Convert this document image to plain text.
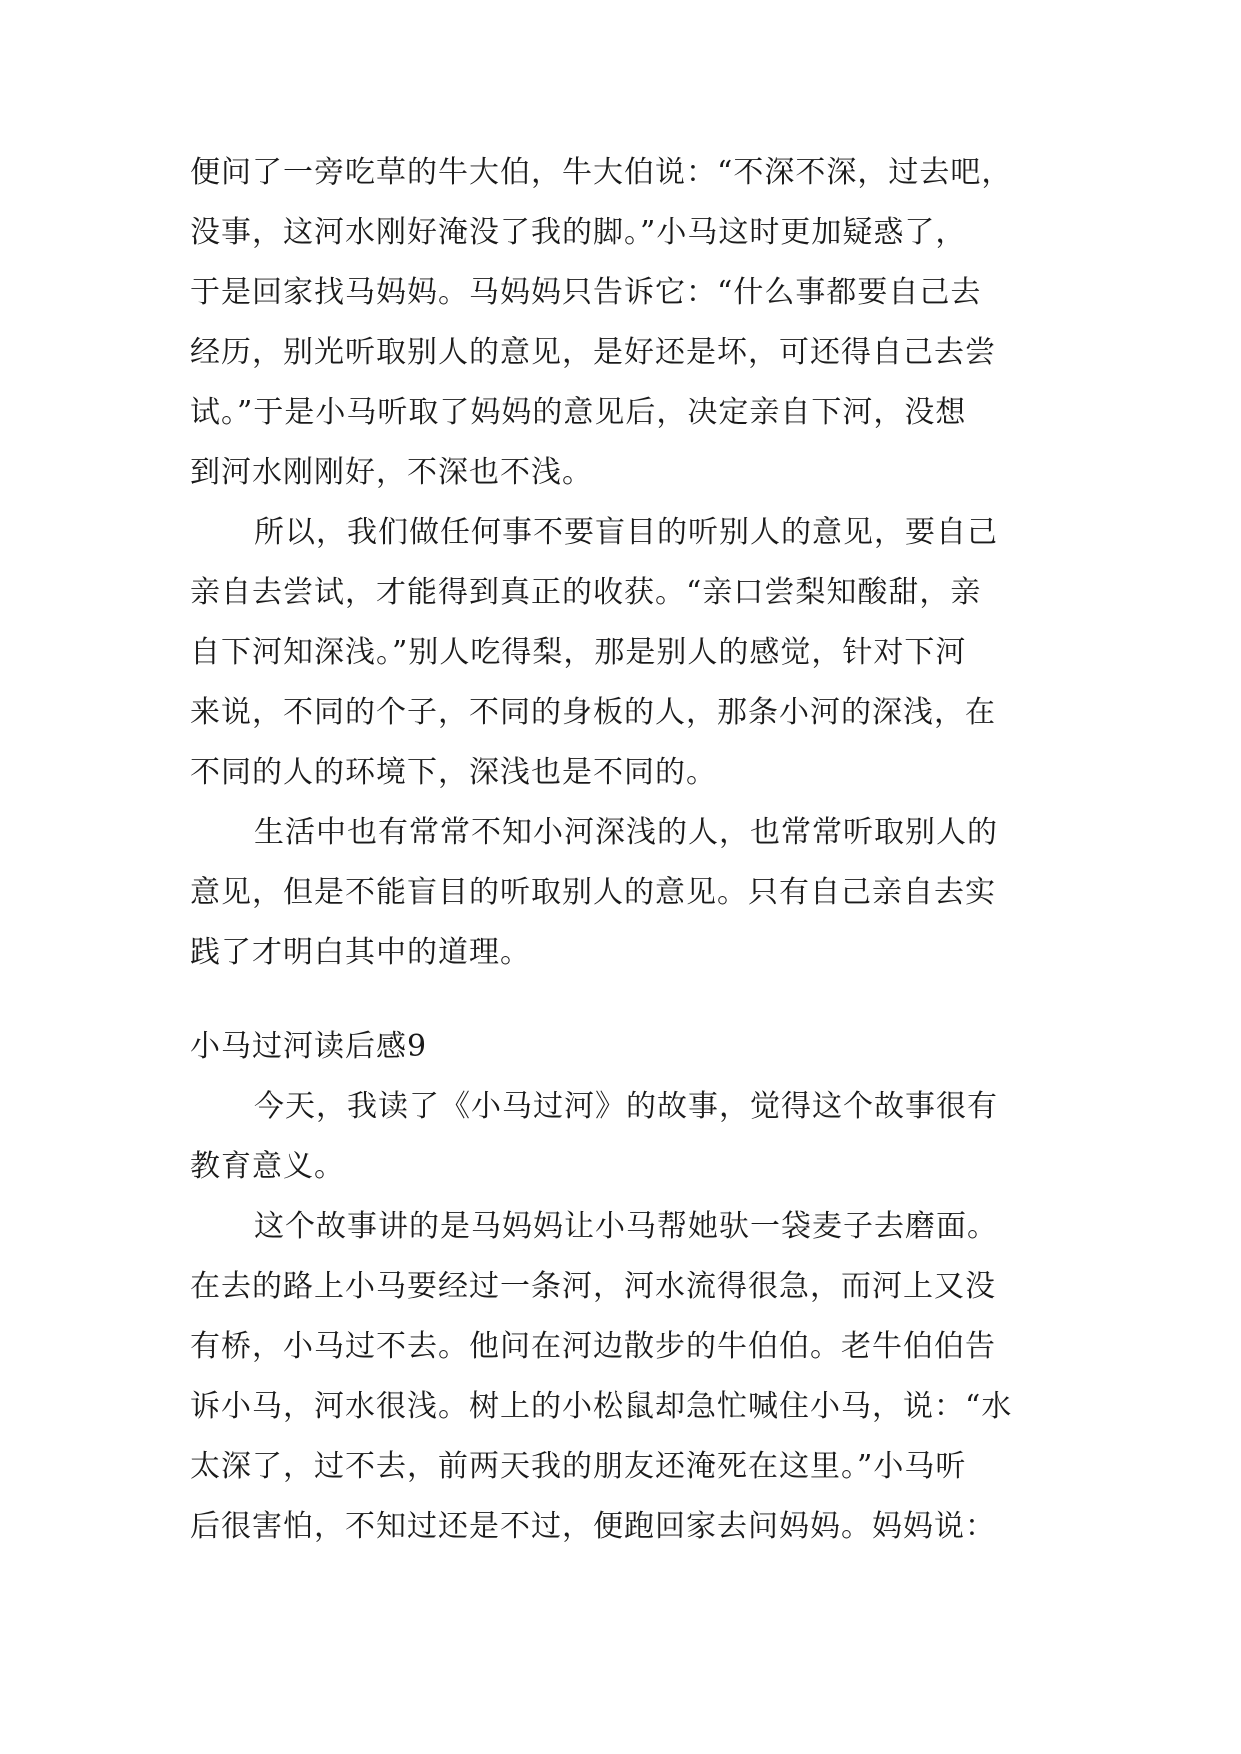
便问了一旁吃草的牛大伯，牛大伯说：“不深不深，过去吧，
没事，这河水刚好淹没了我的脚。”小马这时更加疑惑了，
于是回家找马妈妈。马妈妈只告诉它：“什么事都要自己去
经历，别光听取别人的意见，是好还是坏，可还得自己去尝
试。”于是小马听取了妈妈的意见后，决定亲自下河，没想
到河水刚刚好，不深也不浅。
所以，我们做任何事不要盲目的听别人的意见，要自己
亲自去尝试，才能得到真正的收获。“亲口尝梨知酸甜，亲
自下河知深浅。”别人吃得梨，那是别人的感觉，针对下河
来说，不同的个子，不同的身板的人，那条小河的深浅，在
不同的人的环境下，深浅也是不同的。
生活中也有常常不知小河深浅的人，也常常听取别人的
意见，但是不能盲目的听取别人的意见。只有自己亲自去实
践了才明白其中的道理。
小马过河读后感9
今天，我读了《小马过河》的故事，觉得这个故事很有
教育意义。
这个故事讲的是马妈妈让小马帮她驮一袋麦子去磨面。
在去的路上小马要经过一条河，河水流得很急，而河上又没
有桥，小马过不去。他问在河边散步的牛伯伯。老牛伯伯告
诉小马，河水很浅。树上的小松鼠却急忙喊住小马，说：“水
太深了，过不去，前两天我的朋友还淹死在这里。”小马听
后很害怕，不知过还是不过，便跑回家去问妈妈。妈妈说：
